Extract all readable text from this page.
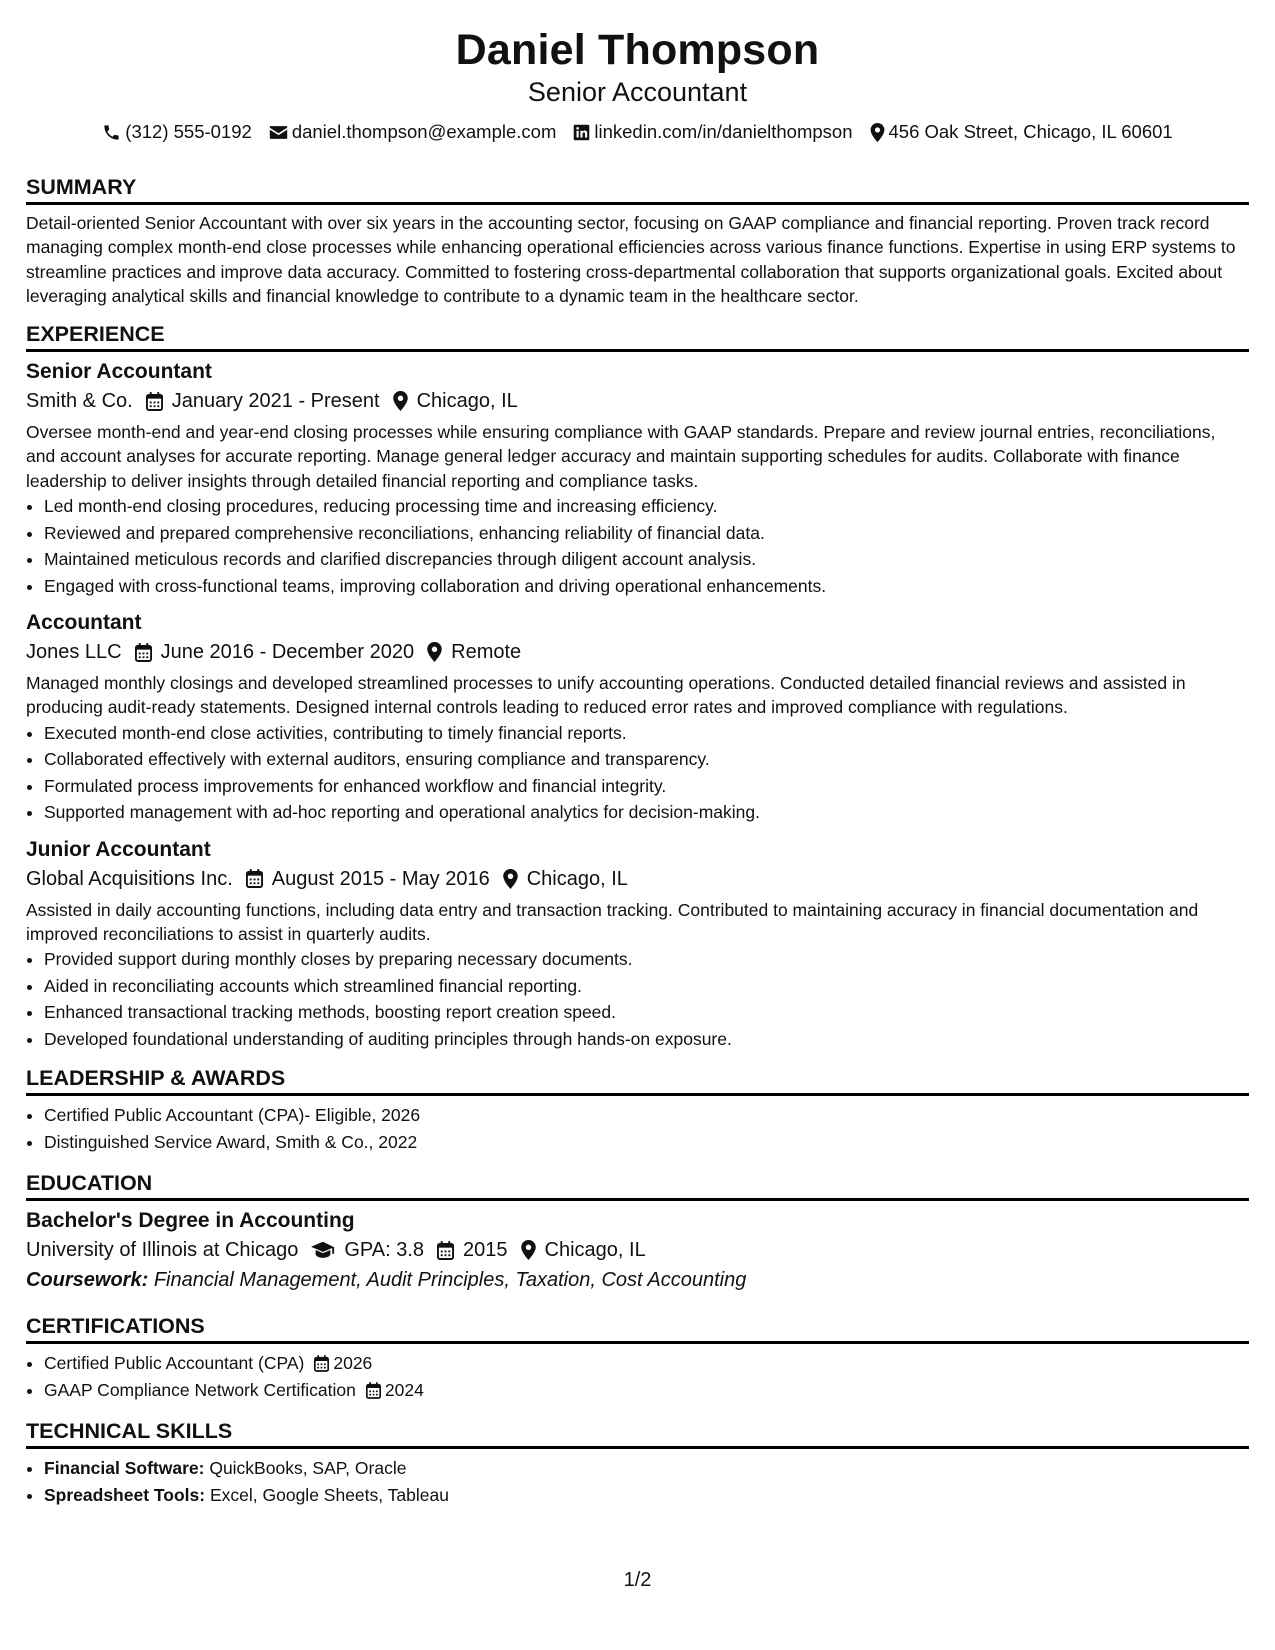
Daniel Thompson
Senior Accountant
(312) 555-0192 daniel.thompson@example.com linkedin.com/in/danielthompson 456 Oak Street, Chicago, IL 60601
SUMMARY
Detail-oriented Senior Accountant with over six years in the accounting sector, focusing on GAAP compliance and financial reporting. Proven track record managing complex month-end close processes while enhancing operational efficiencies across various finance functions. Expertise in using ERP systems to streamline practices and improve data accuracy. Committed to fostering cross-departmental collaboration that supports organizational goals. Excited about leveraging analytical skills and financial knowledge to contribute to a dynamic team in the healthcare sector.
EXPERIENCE
Senior Accountant
Smith & Co. January 2021 - Present Chicago, IL
Oversee month-end and year-end closing processes while ensuring compliance with GAAP standards. Prepare and review journal entries, reconciliations, and account analyses for accurate reporting. Manage general ledger accuracy and maintain supporting schedules for audits. Collaborate with finance leadership to deliver insights through detailed financial reporting and compliance tasks.
• Led month-end closing procedures, reducing processing time and increasing efficiency.
• Reviewed and prepared comprehensive reconciliations, enhancing reliability of financial data.
• Maintained meticulous records and clarified discrepancies through diligent account analysis.
• Engaged with cross-functional teams, improving collaboration and driving operational enhancements.
Accountant
Jones LLC June 2016 - December 2020 Remote
Managed monthly closings and developed streamlined processes to unify accounting operations. Conducted detailed financial reviews and assisted in producing audit-ready statements. Designed internal controls leading to reduced error rates and improved compliance with regulations.
• Executed month-end close activities, contributing to timely financial reports.
• Collaborated effectively with external auditors, ensuring compliance and transparency.
• Formulated process improvements for enhanced workflow and financial integrity.
• Supported management with ad-hoc reporting and operational analytics for decision-making.
Junior Accountant
Global Acquisitions Inc. August 2015 - May 2016 Chicago, IL
Assisted in daily accounting functions, including data entry and transaction tracking. Contributed to maintaining accuracy in financial documentation and improved reconciliations to assist in quarterly audits.
• Provided support during monthly closes by preparing necessary documents.
• Aided in reconciliating accounts which streamlined financial reporting.
• Enhanced transactional tracking methods, boosting report creation speed.
• Developed foundational understanding of auditing principles through hands-on exposure.
LEADERSHIP & AWARDS
• Certified Public Accountant (CPA)- Eligible, 2026
• Distinguished Service Award, Smith & Co., 2022
EDUCATION
Bachelor's Degree in Accounting
University of Illinois at Chicago GPA: 3.8 2015 Chicago, IL
Coursework: Financial Management, Audit Principles, Taxation, Cost Accounting
CERTIFICATIONS
• Certified Public Accountant (CPA) 2026
• GAAP Compliance Network Certification 2024
TECHNICAL SKILLS
• Financial Software: QuickBooks, SAP, Oracle
• Spreadsheet Tools: Excel, Google Sheets, Tableau
1/2
